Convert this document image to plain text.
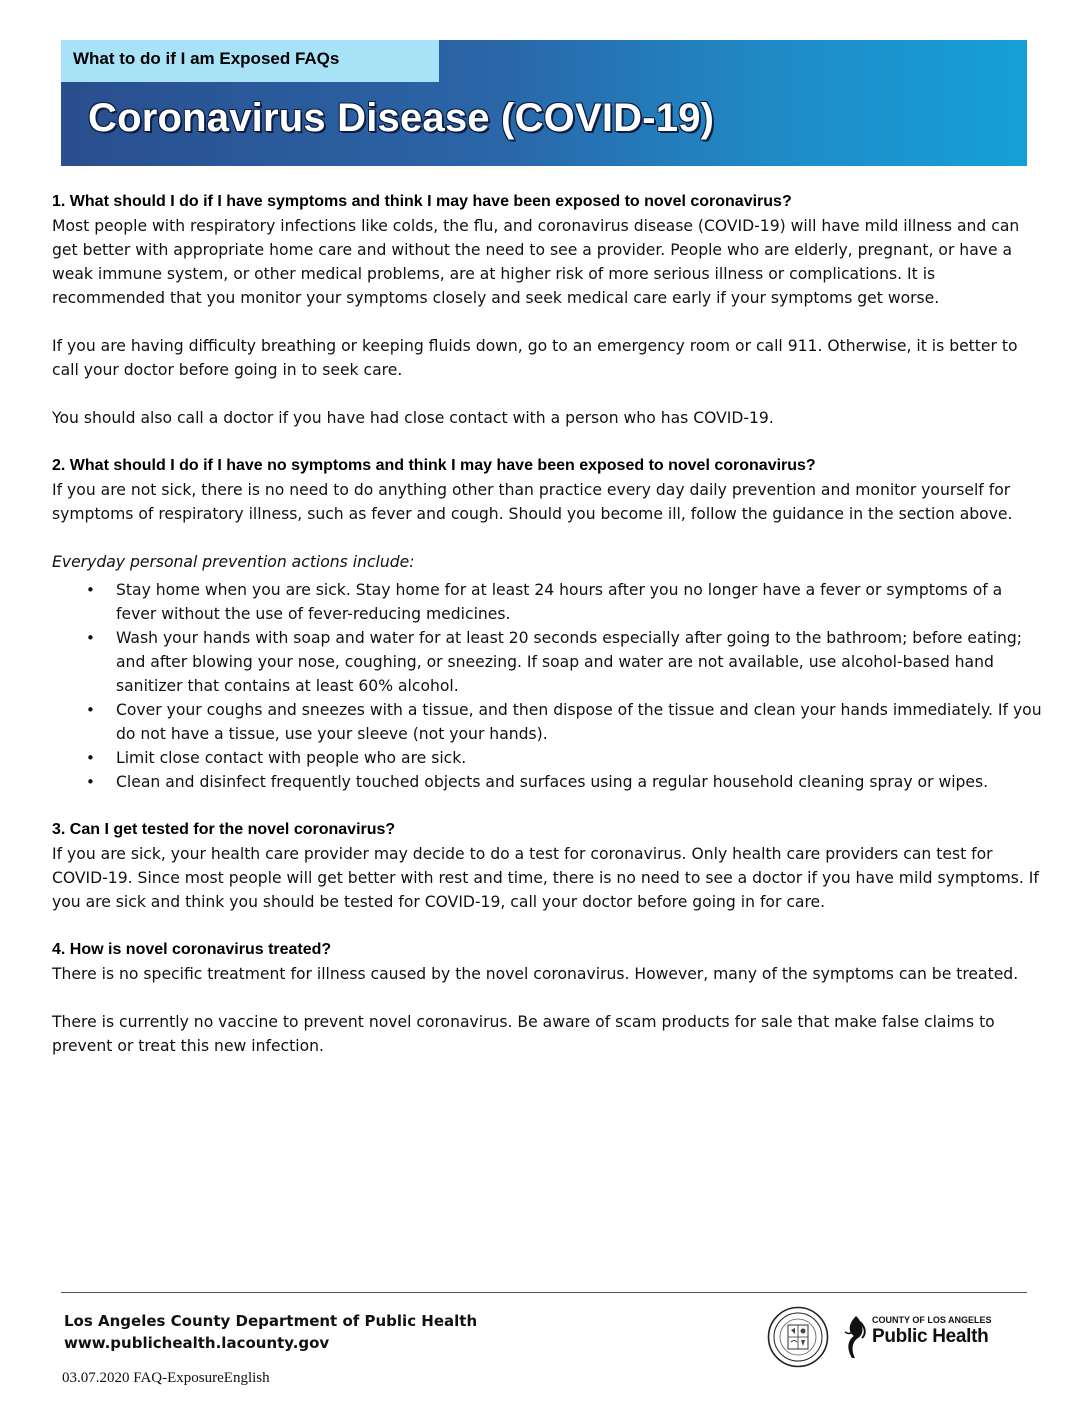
What to do if I am Exposed FAQs
Coronavirus Disease (COVID-19)

1. What should I do if I have symptoms and think I may have been exposed to novel coronavirus?

Most people with respiratory infections like colds, the flu, and coronavirus disease (COVID-19) will have mild illness and can get better with appropriate home care and without the need to see a provider. People who are elderly, pregnant, or have a weak immune system, or other medical problems, are at higher risk of more serious illness or complications. It is recommended that you monitor your symptoms closely and seek medical care early if your symptoms get worse.

If you are having difficulty breathing or keeping fluids down, go to an emergency room or call 911. Otherwise, it is better to call your doctor before going in to seek care.

You should also call a doctor if you have had close contact with a person who has COVID-19.

2. What should I do if I have no symptoms and think I may have been exposed to novel coronavirus?

If you are not sick, there is no need to do anything other than practice every day daily prevention and monitor yourself for symptoms of respiratory illness, such as fever and cough. Should you become ill, follow the guidance in the section above.

Everyday personal prevention actions include:

• Stay home when you are sick. Stay home for at least 24 hours after you no longer have a fever or symptoms of a fever without the use of fever-reducing medicines.
• Wash your hands with soap and water for at least 20 seconds especially after going to the bathroom; before eating; and after blowing your nose, coughing, or sneezing. If soap and water are not available, use alcohol-based hand sanitizer that contains at least 60% alcohol.
• Cover your coughs and sneezes with a tissue, and then dispose of the tissue and clean your hands immediately. If you do not have a tissue, use your sleeve (not your hands).
• Limit close contact with people who are sick.
• Clean and disinfect frequently touched objects and surfaces using a regular household cleaning spray or wipes.

3. Can I get tested for the novel coronavirus?

If you are sick, your health care provider may decide to do a test for coronavirus. Only health care providers can test for COVID-19. Since most people will get better with rest and time, there is no need to see a doctor if you have mild symptoms. If you are sick and think you should be tested for COVID-19, call your doctor before going in for care.

4. How is novel coronavirus treated?

There is no specific treatment for illness caused by the novel coronavirus. However, many of the symptoms can be treated.

There is currently no vaccine to prevent novel coronavirus. Be aware of scam products for sale that make false claims to prevent or treat this new infection.

Los Angeles County Department of Public Health
www.publichealth.lacounty.gov
03.07.2020 FAQ-ExposureEnglish
COUNTY OF LOS ANGELES
Public Health
